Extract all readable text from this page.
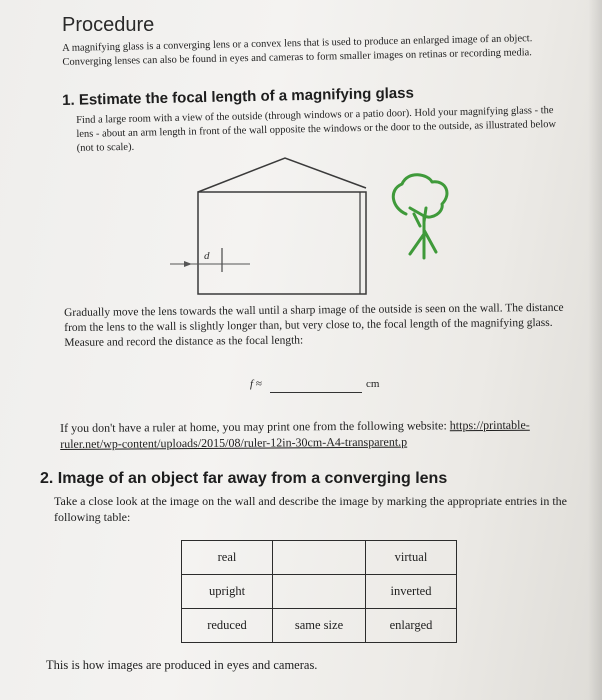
Procedure
A magnifying glass is a converging lens or a convex lens that is used to produce an enlarged image of an object. Converging lenses can also be found in eyes and cameras to form smaller images on retinas or recording media.
1. Estimate the focal length of a magnifying glass
Find a large room with a view of the outside (through windows or a patio door). Hold your magnifying glass - the lens - about an arm length in front of the wall opposite the windows or the door to the outside, as illustrated below (not to scale).
d
Gradually move the lens towards the wall until a sharp image of the outside is seen on the wall. The distance from the lens to the wall is slightly longer than, but very close to, the focal length of the magnifying glass. Measure and record the distance as the focal length:
f ≈	cm
If you don't have a ruler at home, you may print one from the following website: https://printable-ruler.net/wp-content/uploads/2015/08/ruler-12in-30cm-A4-transparent.p
2. Image of an object far away from a converging lens
Take a close look at the image on the wall and describe the image by marking the appropriate entries in the following table:
real		virtual
upright		inverted
reduced	same size	enlarged
This is how images are produced in eyes and cameras.
